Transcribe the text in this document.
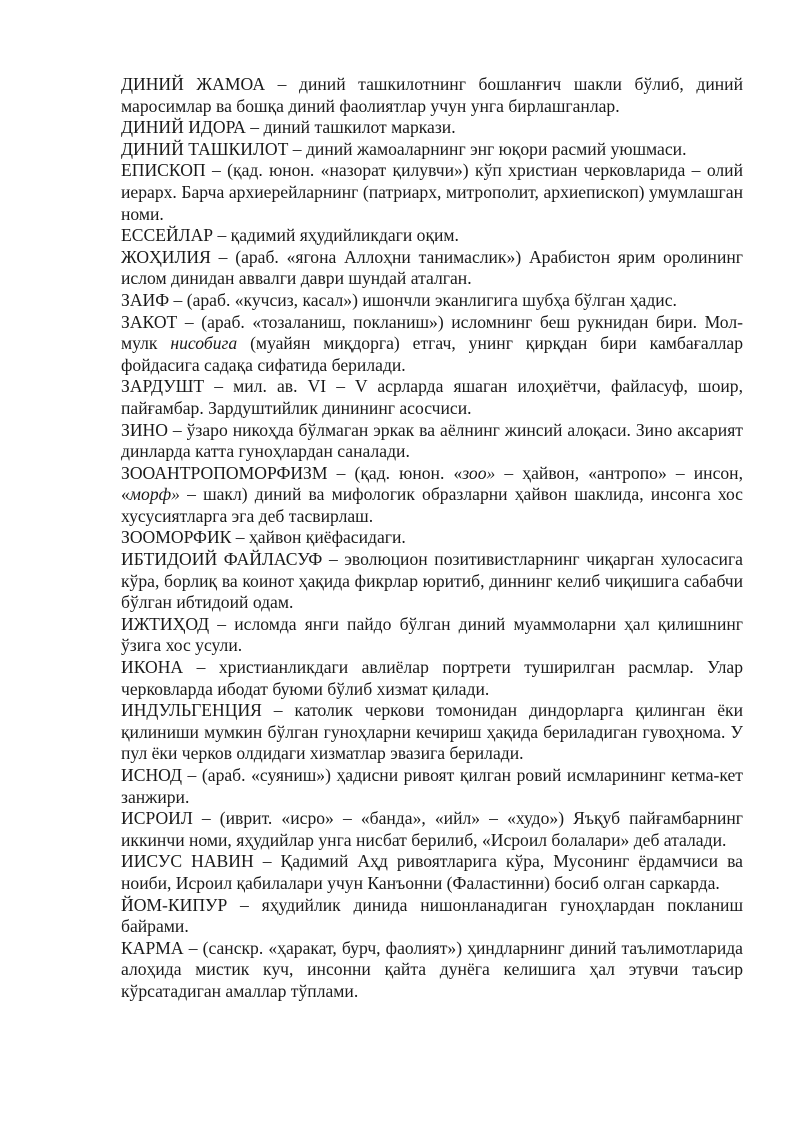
ДИНИЙ ЖАМОА – диний ташкилотнинг бошланғич шакли бўлиб, диний маросимлар ва бошқа диний фаолиятлар учун унга бирлашганлар.

ДИНИЙ ИДОРА – диний ташкилот маркази.

ДИНИЙ ТАШКИЛОТ – диний жамоаларнинг энг юқори расмий уюшмаси.

ЕПИСКОП – (қад. юнон. «назорат қилувчи») кўп христиан черковларида – олий иерарх. Барча архиерейларнинг (патриарх, митрополит, архиепископ) умумлашган номи.

ЕССЕЙЛАР – қадимий яҳудийликдаги оқим.

ЖОҲИЛИЯ – (араб. «ягона Аллоҳни танимаслик») Арабистон ярим оролининг ислом динидан аввалги даври шундай аталган.

ЗАИФ – (араб. «кучсиз, касал») ишончли эканлигига шубҳа бўлган ҳадис.

ЗАКОТ – (араб. «тозаланиш, покланиш») исломнинг беш рукнидан бири. Мол-мулк нисобига (муайян миқдорга) етгач, унинг қирқдан бири камбағаллар фойдасига садақа сифатида берилади.

ЗАРДУШТ – мил. ав. VI – V асрларда яшаган илоҳиётчи, файласуф, шоир, пайғамбар. Зардуштийлик динининг асосчиси.

ЗИНО – ўзаро никоҳда бўлмаган эркак ва аёлнинг жинсий алоқаси. Зино аксарият динларда катта гуноҳлардан саналади.

ЗООАНТРОПОМОРФИЗМ – (қад. юнон. «зоо» – ҳайвон, «антропо» – инсон, «морф» – шакл) диний ва мифологик образларни ҳайвон шаклида, инсонга хос хусусиятларга эга деб тасвирлаш.

ЗООМОРФИК – ҳайвон қиёфасидаги.

ИБТИДОИЙ ФАЙЛАСУФ – эволюцион позитивистларнинг чиқарган хулосасига кўра, борлиқ ва коинот ҳақида фикрлар юритиб, диннинг келиб чиқишига сабабчи бўлган ибтидоий одам.

ИЖТИҲОД – исломда янги пайдо бўлган диний муаммоларни ҳал қилишнинг ўзига хос усули.

ИКОНА – христианликдаги авлиёлар портрети туширилган расмлар. Улар черковларда ибодат буюми бўлиб хизмат қилади.

ИНДУЛЬГЕНЦИЯ – католик черкови томонидан диндорларга қилинган ёки қилиниши мумкин бўлган гуноҳларни кечириш ҳақида бериладиган гувоҳнома. У пул ёки черков олдидаги хизматлар эвазига берилади.

ИСНОД – (араб. «суяниш») ҳадисни ривоят қилган ровий исмларининг кетма-кет занжири.

ИСРОИЛ – (иврит. «исро» – «банда», «ийл» – «худо») Яъқуб пайғамбарнинг иккинчи номи, яҳудийлар унга нисбат берилиб, «Исроил болалари» деб аталади.

ИИСУС НАВИН – Қадимий Аҳд ривоятларига кўра, Мусонинг ёрдамчиси ва ноиби, Исроил қабилалари учун Канъонни (Фаластинни) босиб олган саркарда.

ЙОМ-КИПУР – яҳудийлик динида нишонланадиган гуноҳлардан покланиш байрами.

КАРМА – (санскр. «ҳаракат, бурч, фаолият») ҳиндларнинг диний таълимотларида алоҳида мистик куч, инсонни қайта дунёга келишига ҳал этувчи таъсир кўрсатадиган амаллар тўплами.
